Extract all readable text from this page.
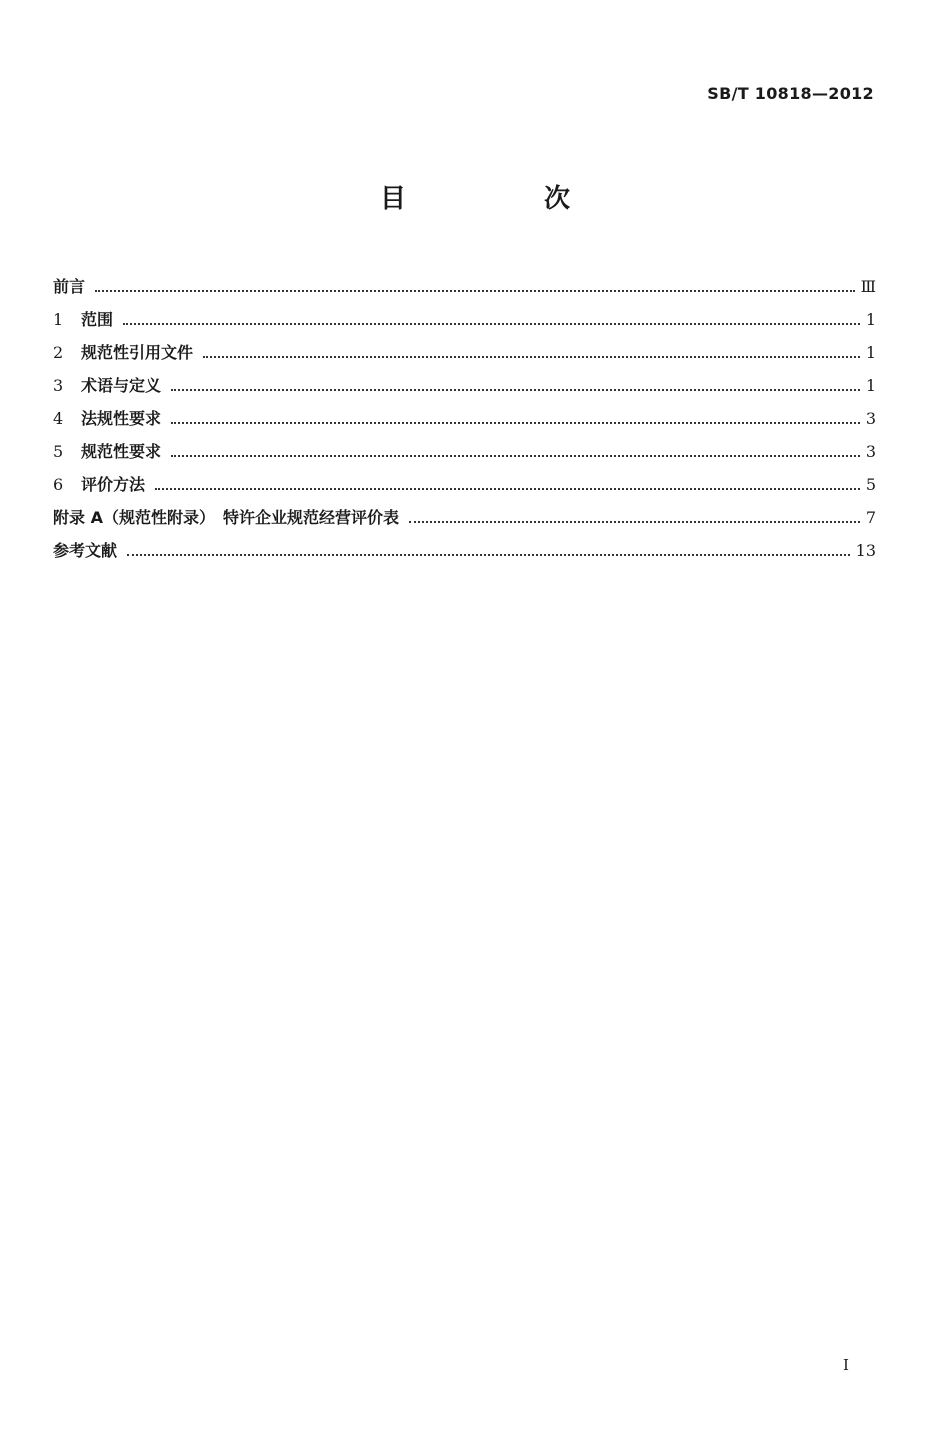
SB/T 10818—2012
目　次
前言	Ⅲ
1	范围	1
2	规范性引用文件	1
3	术语与定义	1
4	法规性要求	3
5	规范性要求	3
6	评价方法	5
附录 A（规范性附录）　特许企业规范经营评价表	7
参考文献	13
I
